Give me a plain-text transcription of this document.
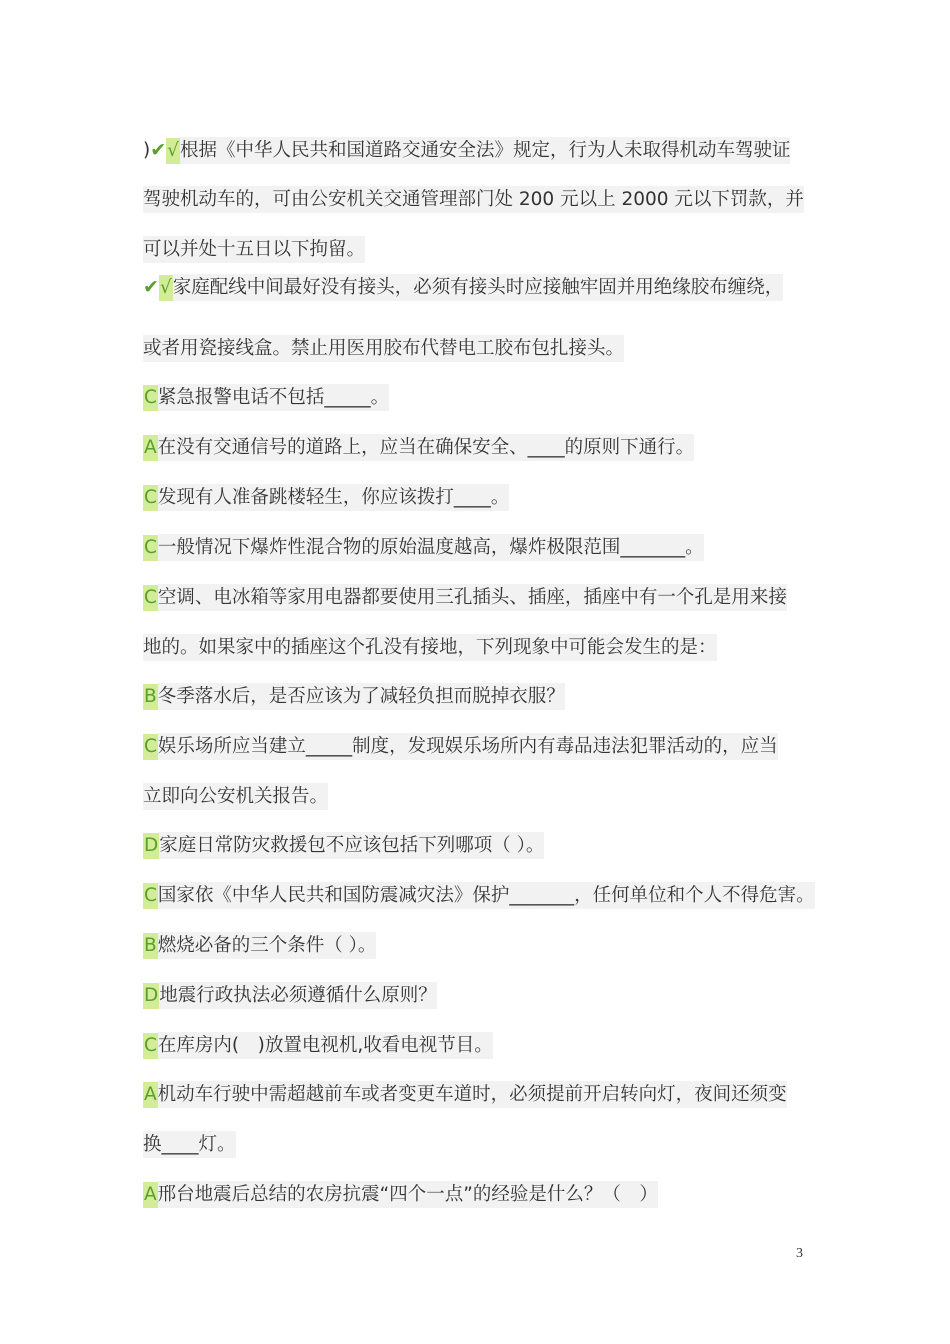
)✔√根据《中华人民共和国道路交通安全法》规定，行为人未取得机动车驾驶证
驾驶机动车的，可由公安机关交通管理部门处 200 元以上 2000 元以下罚款，并
可以并处十五日以下拘留。
✔√家庭配线中间最好没有接头，必须有接头时应接触牢固并用绝缘胶布缠绕，
或者用瓷接线盒。禁止用医用胶布代替电工胶布包扎接头。
C紧急报警电话不包括_____。
A在没有交通信号的道路上，应当在确保安全、____的原则下通行。
C发现有人准备跳楼轻生，你应该拨打____。
C一般情况下爆炸性混合物的原始温度越高，爆炸极限范围_______。
C空调、电冰箱等家用电器都要使用三孔插头、插座，插座中有一个孔是用来接
地的。如果家中的插座这个孔没有接地，下列现象中可能会发生的是：
B冬季落水后，是否应该为了减轻负担而脱掉衣服？
C娱乐场所应当建立_____制度，发现娱乐场所内有毒品违法犯罪活动的，应当
立即向公安机关报告。
D家庭日常防灾救援包不应该包括下列哪项（ ）。
C国家依《中华人民共和国防震减灾法》保护_______，任何单位和个人不得危害。
B燃烧必备的三个条件（ ）。
D地震行政执法必须遵循什么原则？
C在库房内(　)放置电视机,收看电视节目。
A机动车行驶中需超越前车或者变更车道时，必须提前开启转向灯，夜间还须变
换____灯。
A邢台地震后总结的农房抗震“四个一点”的经验是什么？（　）
3
